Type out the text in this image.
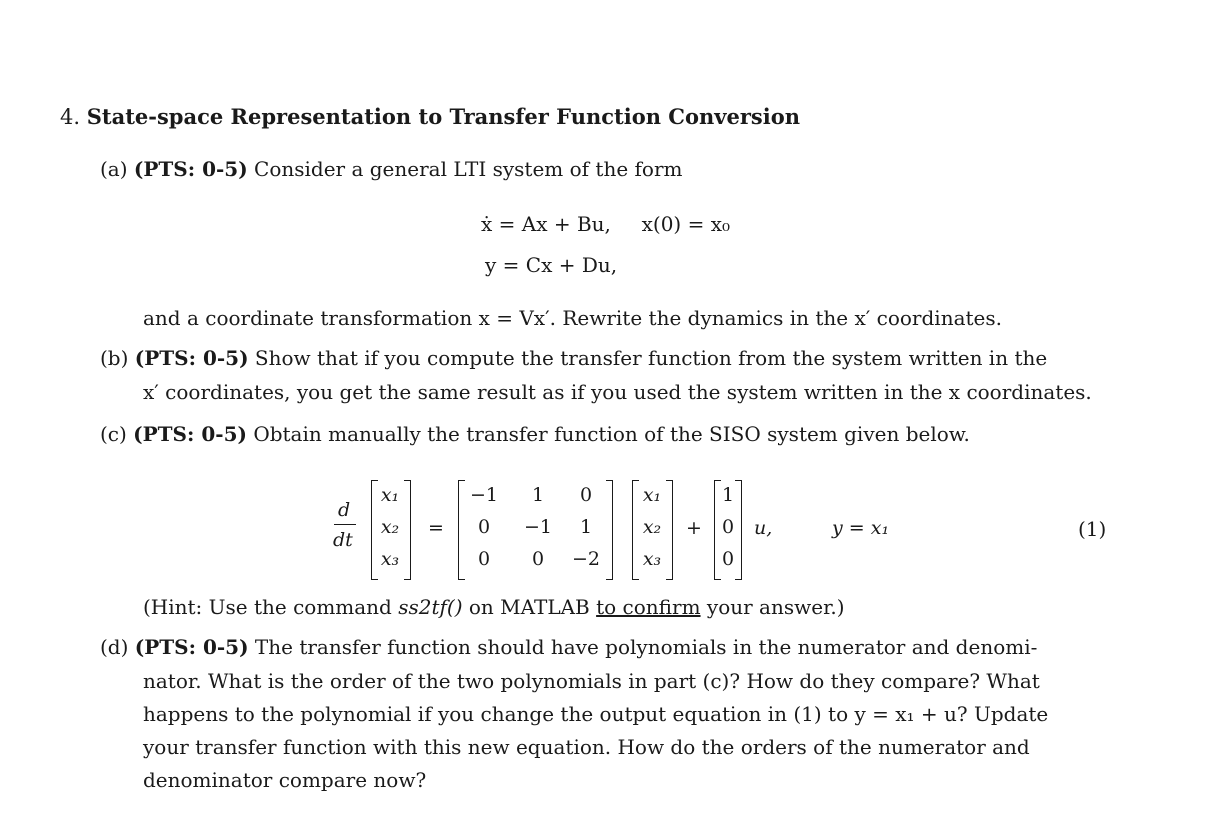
4. State-space Representation to Transfer Function Conversion
(a) (PTS: 0-5) Consider a general LTI system of the form
ẋ = Ax + Bu, x(0) = x₀
y = Cx + Du,
and a coordinate transformation x = Vx′. Rewrite the dynamics in the x′ coordinates.
(b) (PTS: 0-5) Show that if you compute the transfer function from the system written in the
x′ coordinates, you get the same result as if you used the system written in the x coordinates.
(c) (PTS: 0-5) Obtain manually the transfer function of the SISO system given below.
d
dt
x₁
x₂
x₃
=
−1	1	0
0	−1	1
0	0	−2
x₁
x₂
x₃
+
1
0
0
u,	y = x₁	(1)
(Hint: Use the command ss2tf() on MATLAB to confirm your answer.)
(d) (PTS: 0-5) The transfer function should have polynomials in the numerator and denomi-
nator. What is the order of the two polynomials in part (c)? How do they compare? What
happens to the polynomial if you change the output equation in (1) to y = x₁ + u? Update
your transfer function with this new equation. How do the orders of the numerator and
denominator compare now?
